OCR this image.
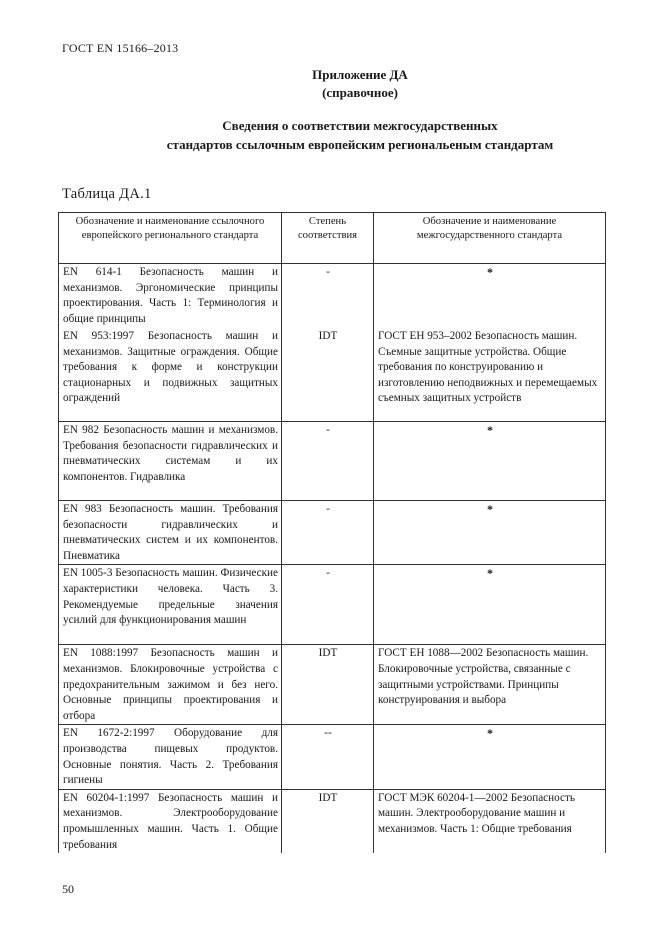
ГОСТ EN 15166–2013
Приложение ДА
(справочное)
Сведения о соответствии межгосударственных
стандартов ссылочным европейским региональеным стандартам
Таблица ДА.1
Обозначение и наименование ссылочного европейского регионального стандарта	Степень соответствия	Обозначение и наименование межгосударственного стандарта
EN 614-1 Безопасность машин и механизмов. Эргономические принципы проектирования. Часть 1: Терминология и общие принципы	-	*
EN 953:1997 Безопасность машин и механизмов. Защитные ограждения. Общие требования к форме и конструкции стационарных и подвижных защитных ограждений	IDT	ГОСТ ЕН 953–2002 Безопасность машин. Съемные защитные устройства. Общие требования по конструированию и изготовлению неподвижных и перемещаемых съемных защитных устройств
EN 982 Безопасность машин и механизмов. Требования безопасности гидравлических и пневматических системам и их компонентов. Гидравлика	-	*
EN 983 Безопасность машин. Требования безопасности гидравлических и пневматических систем и их компонентов. Пневматика	-	*
EN 1005-3 Безопасность машин. Физические характеристики человека. Часть 3. Рекомендуемые предельные значения усилий для функционирования машин	-	*
EN 1088:1997 Безопасность машин и механизмов. Блокировочные устройства с предохранительным зажимом и без него. Основные принципы проектирования и отбора	IDT	ГОСТ ЕН 1088—2002 Безопасность машин. Блокировочные устройства, связанные с защитными устройствами. Принципы конструирования и выбора
EN 1672-2:1997 Оборудование для производства пищевых продуктов. Основные понятия. Часть 2. Требования гигиены	--	*
EN 60204-1:1997 Безопасность машин и механизмов. Электрооборудование промышленных машин. Часть 1. Общие требования	IDT	ГОСТ МЭК 60204-1—2002 Безопасность машин. Электрооборудование машин и механизмов. Часть 1: Общие требования
50
